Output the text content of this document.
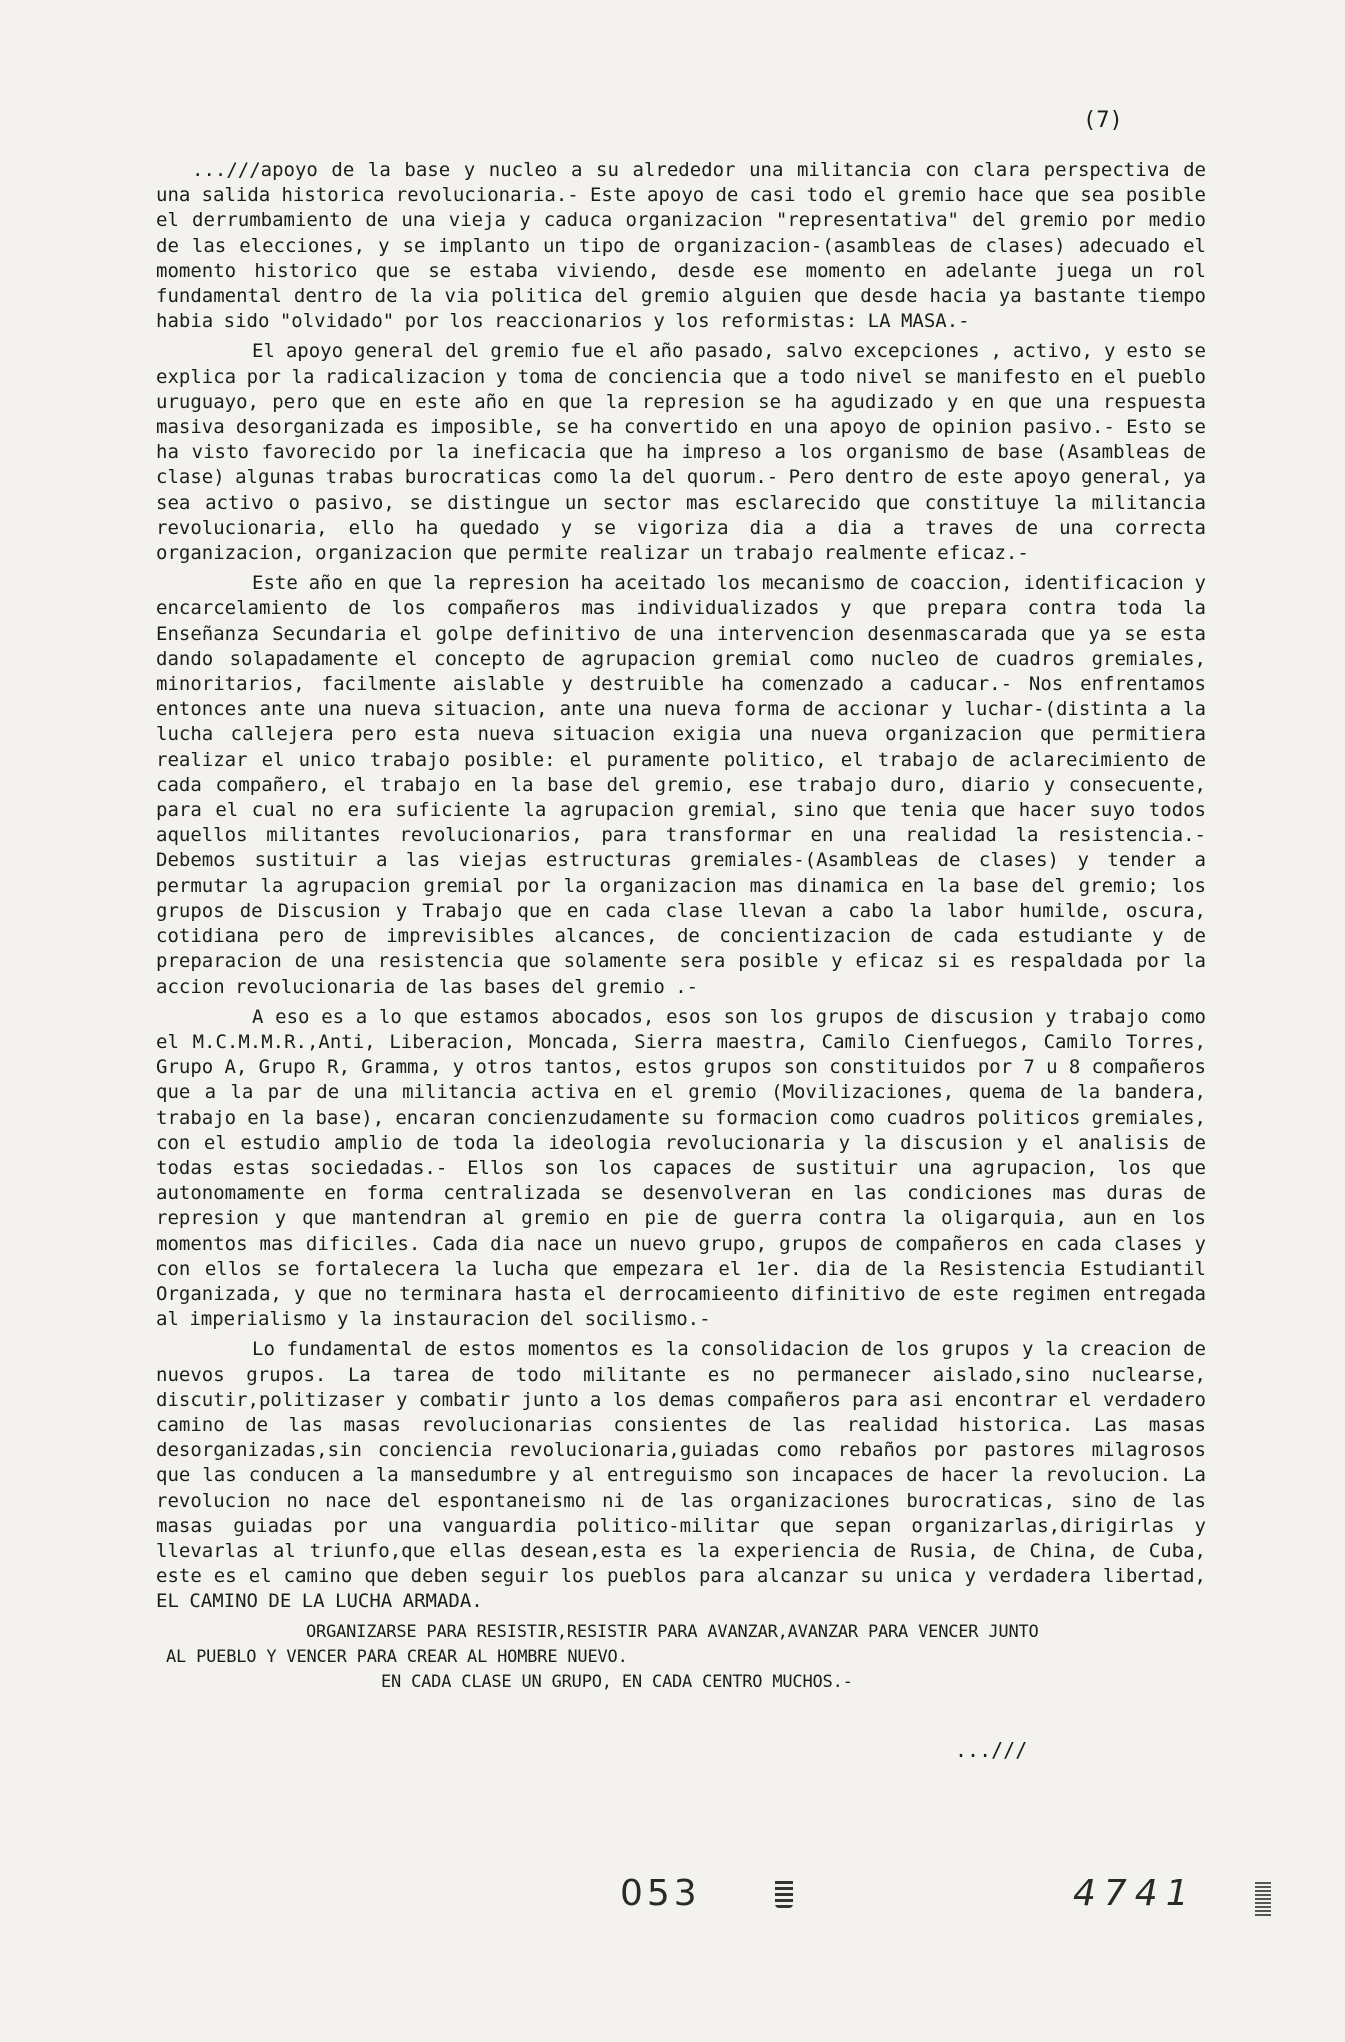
(7)

...///apoyo de la base y nucleo a su alrededor una militancia con clara perspectiva de una salida historica revolucionaria.- Este apoyo de casi todo el gremio hace que sea posible el derrumbamiento de una vieja y caduca organizacion "representativa" del gremio por medio de las elecciones, y se implanto un tipo de organizacion-(asambleas de clases) adecuado el momento historico que se estaba viviendo, desde ese momento en adelante juega un rol fundamental dentro de la via politica del gremio alguien que desde hacia ya bastante tiempo habia sido "olvidado" por los reaccionarios y los reformistas: LA MASA.-

El apoyo general del gremio fue el año pasado, salvo excepciones , activo, y esto se explica por la radicalizacion y toma de conciencia que a todo nivel se manifesto en el pueblo uruguayo, pero que en este año en que la represion se ha agudizado y en que una respuesta masiva desorganizada es imposible, se ha convertido en una apoyo de opinion pasivo.- Esto se ha visto favorecido por la ineficacia que ha impreso a los organismo de base (Asambleas de clase) algunas trabas burocraticas como la del quorum.- Pero dentro de este apoyo general, ya sea activo o pasivo, se distingue un sector mas esclarecido que constituye la militancia revolucionaria, ello ha quedado y se vigoriza dia a dia a traves de una correcta organizacion, organizacion que permite realizar un trabajo realmente eficaz.-

Este año en que la represion ha aceitado los mecanismo de coaccion, identificacion y encarcelamiento de los compañeros mas individualizados y que prepara contra toda la Enseñanza Secundaria el golpe definitivo de una intervencion desenmascarada que ya se esta dando solapadamente el concepto de agrupacion gremial como nucleo de cuadros gremiales, minoritarios, facilmente aislable y destruible ha comenzado a caducar.- Nos enfrentamos entonces ante una nueva situacion, ante una nueva forma de accionar y luchar-(distinta a la lucha callejera pero esta nueva situacion exigia una nueva organizacion que permitiera realizar el unico trabajo posible: el puramente politico, el trabajo de aclarecimiento de cada compañero, el trabajo en la base del gremio, ese trabajo duro, diario y consecuente, para el cual no era suficiente la agrupacion gremial, sino que tenia que hacer suyo todos aquellos militantes revolucionarios, para transformar en una realidad la resistencia.- Debemos sustituir a las viejas estructuras gremiales-(Asambleas de clases) y tender a permutar la agrupacion gremial por la organizacion mas dinamica en la base del gremio; los grupos de Discusion y Trabajo que en cada clase llevan a cabo la labor humilde, oscura, cotidiana pero de imprevisibles alcances, de concientizacion de cada estudiante y de preparacion de una resistencia que solamente sera posible y eficaz si es respaldada por la accion revolucionaria de las bases del gremio .-

A eso es a lo que estamos abocados, esos son los grupos de discusion y trabajo como el M.C.M.M.R.,Anti, Liberacion, Moncada, Sierra maestra, Camilo Cienfuegos, Camilo Torres, Grupo A, Grupo R, Gramma, y otros tantos, estos grupos son constituidos por 7 u 8 compañeros que a la par de una militancia activa en el gremio (Movilizaciones, quema de la bandera, trabajo en la base), encaran concienzudamente su formacion como cuadros politicos gremiales, con el estudio amplio de toda la ideologia revolucionaria y la discusion y el analisis de todas estas sociedadas.- Ellos son los capaces de sustituir una agrupacion, los que autonomamente en forma centralizada se desenvolveran en las condiciones mas duras de represion y que mantendran al gremio en pie de guerra contra la oligarquia, aun en los momentos mas dificiles. Cada dia nace un nuevo grupo, grupos de compañeros en cada clases y con ellos se fortalecera la lucha que empezara el 1er. dia de la Resistencia Estudiantil Organizada, y que no terminara hasta el derrocamieento difinitivo de este regimen entregada al imperialismo y la instauracion del socilismo.-

Lo fundamental de estos momentos es la consolidacion de los grupos y la creacion de nuevos grupos. La tarea de todo militante es no permanecer aislado,sino nuclearse, discutir,politizaser y combatir junto a los demas compañeros para asi encontrar el verdadero camino de las masas revolucionarias consientes de las realidad historica. Las masas desorganizadas,sin conciencia revolucionaria,guiadas como rebaños por pastores milagrosos que las conducen a la mansedumbre y al entreguismo son incapaces de hacer la revolucion. La revolucion no nace del espontaneismo ni de las organizaciones burocraticas, sino de las masas guiadas por una vanguardia politico-militar que sepan organizarlas,dirigirlas y llevarlas al triunfo,que ellas desean,esta es la experiencia de Rusia, de China, de Cuba, este es el camino que deben seguir los pueblos para alcanzar su unica y verdadera libertad, EL CAMINO DE LA LUCHA ARMADA.

ORGANIZARSE PARA RESISTIR,RESISTIR PARA AVANZAR,AVANZAR PARA VENCER JUNTO

AL PUEBLO Y VENCER PARA CREAR AL HOMBRE NUEVO.

EN CADA CLASE UN GRUPO, EN CADA CENTRO MUCHOS.-

...///
053	4741
